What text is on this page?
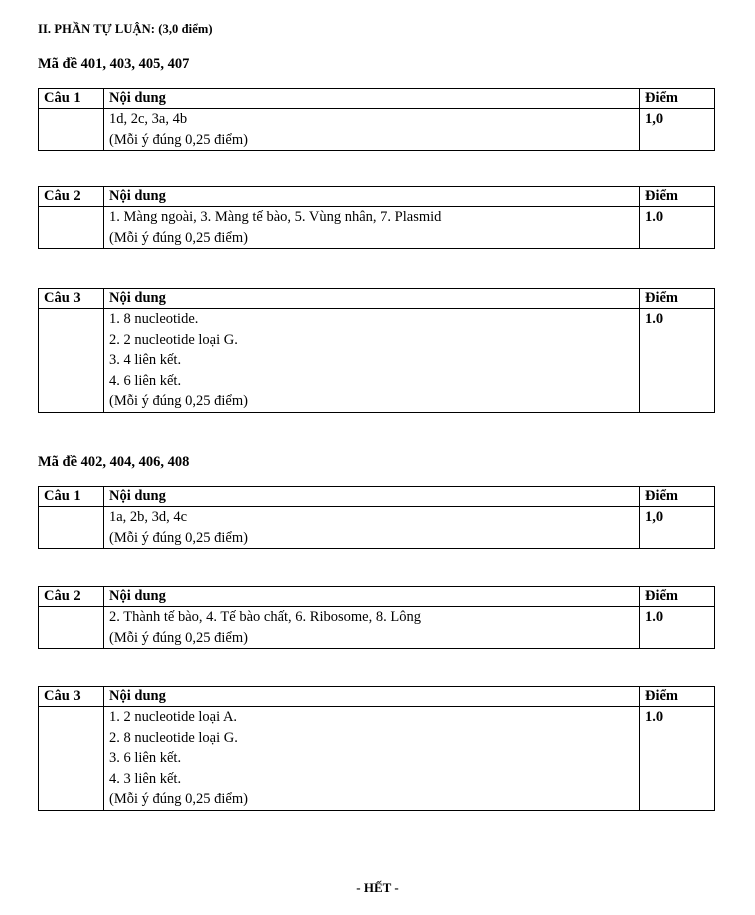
II. PHẦN TỰ LUẬN: (3,0 điểm)
Mã đề 401, 403, 405, 407
Câu 1	Nội dung	Điểm

	1d, 2c, 3a, 4b
(Mỗi ý đúng 0,25 điểm)	1,0
Câu 2	Nội dung	Điểm

	1. Màng ngoài, 3. Màng tế bào, 5. Vùng nhân, 7. Plasmid
(Mỗi ý đúng 0,25 điểm)	1.0
Câu 3	Nội dung	Điểm

	1. 8 nucleotide.
2. 2 nucleotide loại G.
3. 4 liên kết.
4. 6 liên kết.
(Mỗi ý đúng 0,25 điểm)	1.0
Mã đề 402, 404, 406, 408
Câu 1	Nội dung	Điểm

	1a, 2b, 3d, 4c
(Mỗi ý đúng 0,25 điểm)	1,0
Câu 2	Nội dung	Điểm

	2. Thành tế bào, 4. Tế bào chất, 6. Ribosome, 8. Lông
(Mỗi ý đúng 0,25 điểm)	1.0
Câu 3	Nội dung	Điểm

	1. 2 nucleotide loại A.
2. 8 nucleotide loại G.
3. 6 liên kết.
4. 3 liên kết.
(Mỗi ý đúng 0,25 điểm)	1.0
- HẾT -
